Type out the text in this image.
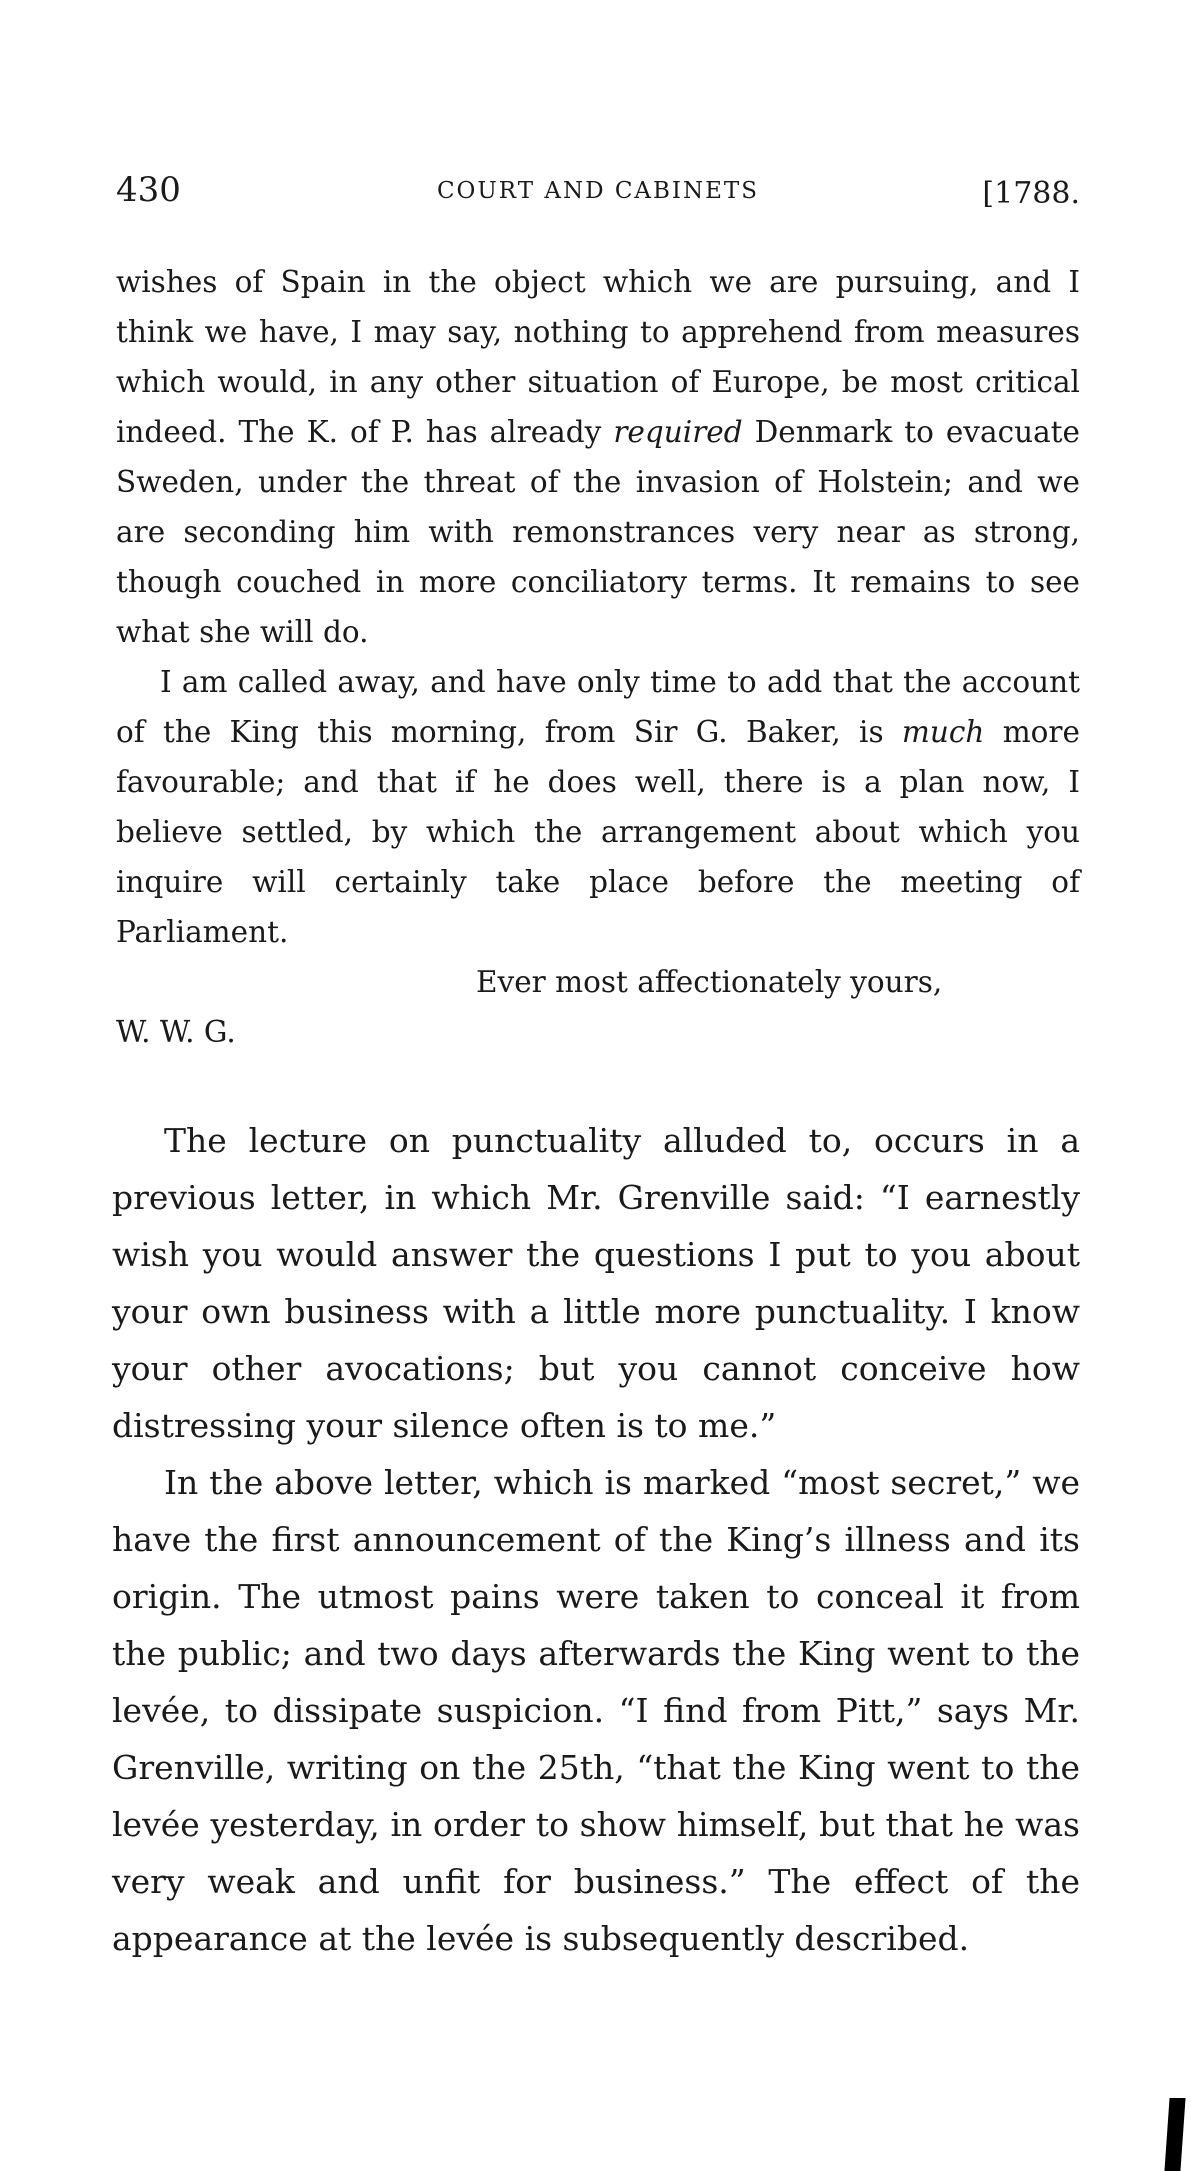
430	COURT AND CABINETS	[1788.

wishes of Spain in the object which we are pursuing, and I think we have, I may say, nothing to apprehend from measures which would, in any other situation of Europe, be most critical indeed. The K. of P. has already required Denmark to evacuate Sweden, under the threat of the invasion of Holstein; and we are seconding him with remonstrances very near as strong, though couched in more conciliatory terms. It remains to see what she will do.

I am called away, and have only time to add that the account of the King this morning, from Sir G. Baker, is much more favourable; and that if he does well, there is a plan now, I believe settled, by which the arrangement about which you inquire will certainly take place before the meeting of Parliament.

Ever most affectionately yours,

W. W. G.

The lecture on punctuality alluded to, occurs in a previous letter, in which Mr. Grenville said: “I earnestly wish you would answer the questions I put to you about your own business with a little more punctuality. I know your other avocations; but you cannot conceive how distressing your silence often is to me.”

In the above letter, which is marked “most secret,” we have the first announcement of the King’s illness and its origin. The utmost pains were taken to conceal it from the public; and two days afterwards the King went to the levée, to dissipate suspicion. “I find from Pitt,” says Mr. Grenville, writing on the 25th, “that the King went to the levée yesterday, in order to show himself, but that he was very weak and unfit for business.” The effect of the appearance at the levée is subsequently described.
